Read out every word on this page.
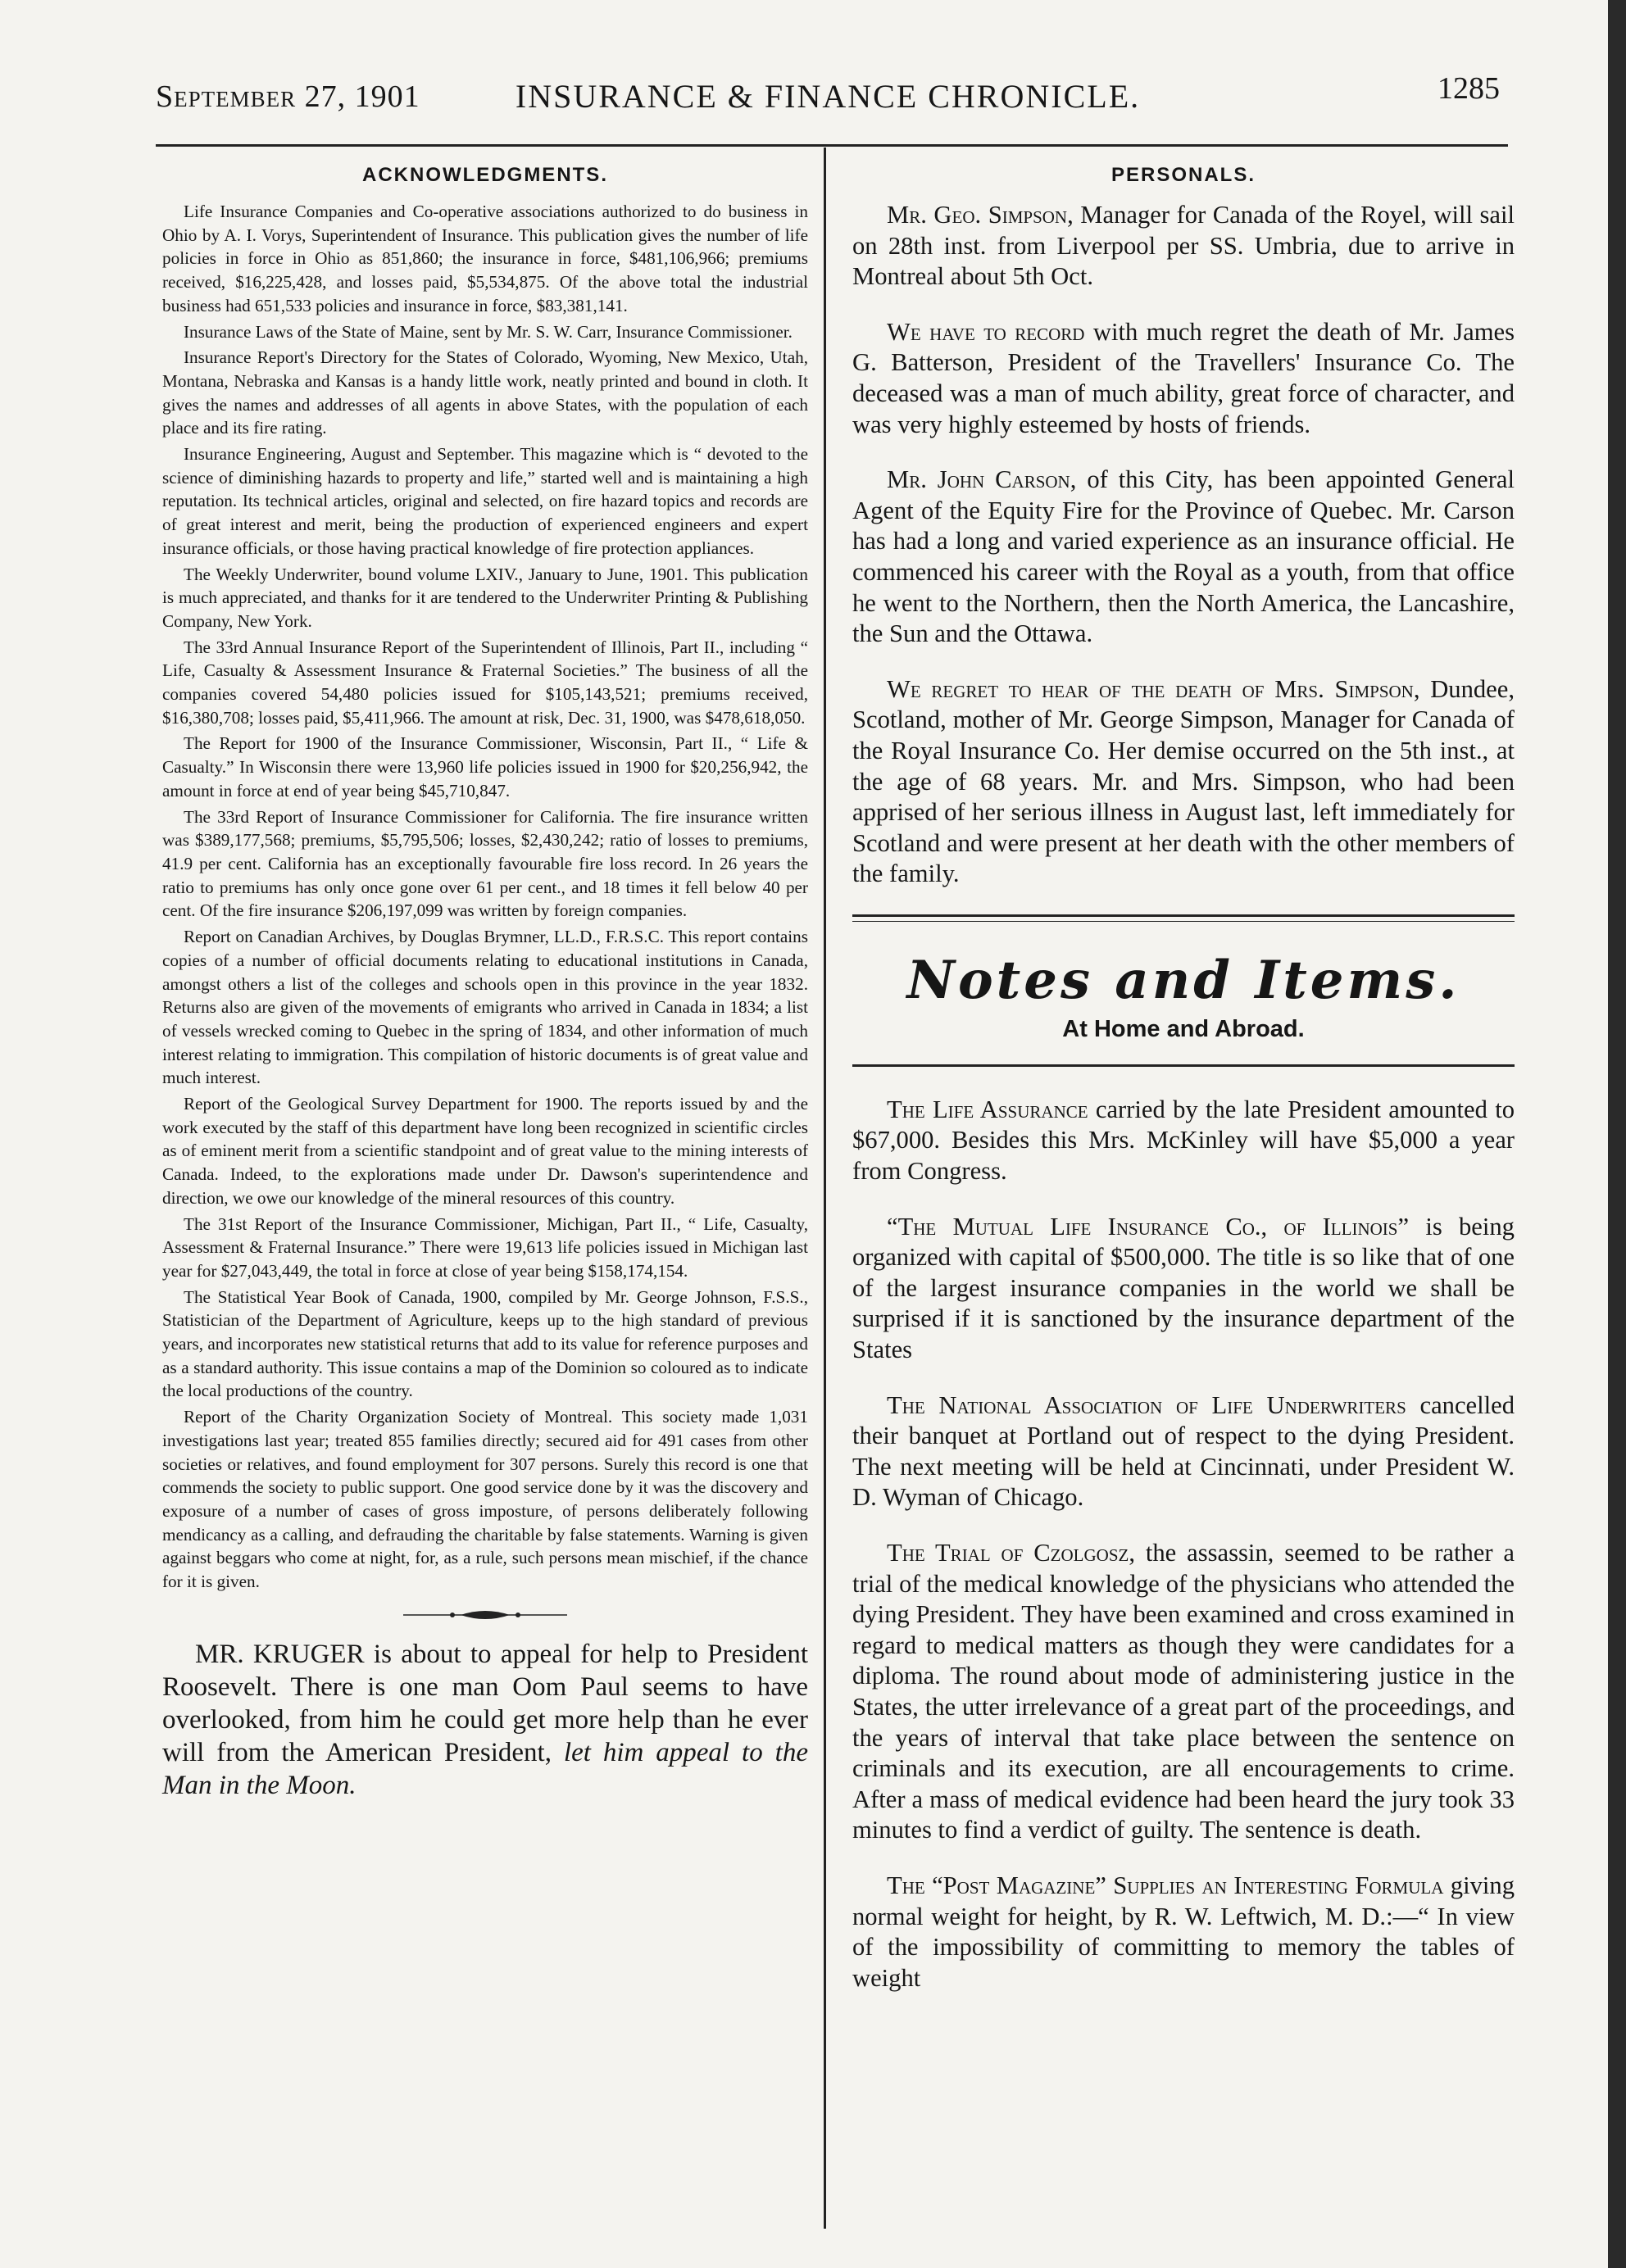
September 27, 1901	INSURANCE & FINANCE CHRONICLE.	1285
ACKNOWLEDGMENTS.

Life Insurance Companies and Co-operative associations authorized to do business in Ohio by A. I. Vorys, Superintendent of Insurance. This publication gives the number of life policies in force in Ohio as 851,860; the insurance in force, $481,106,966; premiums received, $16,225,428, and losses paid, $5,534,875. Of the above total the industrial business had 651,533 policies and insurance in force, $83,381,141.

Insurance Laws of the State of Maine, sent by Mr. S. W. Carr, Insurance Commissioner.

Insurance Report's Directory for the States of Colorado, Wyoming, New Mexico, Utah, Montana, Nebraska and Kansas is a handy little work, neatly printed and bound in cloth. It gives the names and addresses of all agents in above States, with the population of each place and its fire rating.

Insurance Engineering, August and September. This magazine which is “ devoted to the science of diminishing hazards to property and life,” started well and is maintaining a high reputation. Its technical articles, original and selected, on fire hazard topics and records are of great interest and merit, being the production of experienced engineers and expert insurance officials, or those having practical knowledge of fire protection appliances.

The Weekly Underwriter, bound volume LXIV., January to June, 1901. This publication is much appreciated, and thanks for it are tendered to the Underwriter Printing & Publishing Company, New York.

The 33rd Annual Insurance Report of the Superintendent of Illinois, Part II., including “ Life, Casualty & Assessment Insurance & Fraternal Societies.” The business of all the companies covered 54,480 policies issued for $105,143,521; premiums received, $16,380,708; losses paid, $5,411,966. The amount at risk, Dec. 31, 1900, was $478,618,050.

The Report for 1900 of the Insurance Commissioner, Wisconsin, Part II., “ Life & Casualty.” In Wisconsin there were 13,960 life policies issued in 1900 for $20,256,942, the amount in force at end of year being $45,710,847.

The 33rd Report of Insurance Commissioner for California. The fire insurance written was $389,177,568; premiums, $5,795,506; losses, $2,430,242; ratio of losses to premiums, 41.9 per cent. California has an exceptionally favourable fire loss record. In 26 years the ratio to premiums has only once gone over 61 per cent., and 18 times it fell below 40 per cent. Of the fire insurance $206,197,099 was written by foreign companies.

Report on Canadian Archives, by Douglas Brymner, LL.D., F.R.S.C. This report contains copies of a number of official documents relating to educational institutions in Canada, amongst others a list of the colleges and schools open in this province in the year 1832. Returns also are given of the movements of emigrants who arrived in Canada in 1834; a list of vessels wrecked coming to Quebec in the spring of 1834, and other information of much interest relating to immigration. This compilation of historic documents is of great value and much interest.

Report of the Geological Survey Department for 1900. The reports issued by and the work executed by the staff of this department have long been recognized in scientific circles as of eminent merit from a scientific standpoint and of great value to the mining interests of Canada. Indeed, to the explorations made under Dr. Dawson's superintendence and direction, we owe our knowledge of the mineral resources of this country.

The 31st Report of the Insurance Commissioner, Michigan, Part II., “ Life, Casualty, Assessment & Fraternal Insurance.” There were 19,613 life policies issued in Michigan last year for $27,043,449, the total in force at close of year being $158,174,154.

The Statistical Year Book of Canada, 1900, compiled by Mr. George Johnson, F.S.S., Statistician of the Department of Agriculture, keeps up to the high standard of previous years, and incorporates new statistical returns that add to its value for reference purposes and as a standard authority. This issue contains a map of the Dominion so coloured as to indicate the local productions of the country.

Report of the Charity Organization Society of Montreal. This society made 1,031 investigations last year; treated 855 families directly; secured aid for 491 cases from other societies or relatives, and found employment for 307 persons. Surely this record is one that commends the society to public support. One good service done by it was the discovery and exposure of a number of cases of gross imposture, of persons deliberately following mendicancy as a calling, and defrauding the charitable by false statements. Warning is given against beggars who come at night, for, as a rule, such persons mean mischief, if the chance for it is given.

MR. KRUGER is about to appeal for help to President Roosevelt. There is one man Oom Paul seems to have overlooked, from him he could get more help than he ever will from the American President, let him appeal to the Man in the Moon.

PERSONALS.

Mr. Geo. Simpson, Manager for Canada of the Royel, will sail on 28th inst. from Liverpool per SS. Umbria, due to arrive in Montreal about 5th Oct.

We have to record with much regret the death of Mr. James G. Batterson, President of the Travellers' Insurance Co. The deceased was a man of much ability, great force of character, and was very highly esteemed by hosts of friends.

Mr. John Carson, of this City, has been appointed General Agent of the Equity Fire for the Province of Quebec. Mr. Carson has had a long and varied experience as an insurance official. He commenced his career with the Royal as a youth, from that office he went to the Northern, then the North America, the Lancashire, the Sun and the Ottawa.

We regret to hear of the death of Mrs. Simpson, Dundee, Scotland, mother of Mr. George Simpson, Manager for Canada of the Royal Insurance Co. Her demise occurred on the 5th inst., at the age of 68 years. Mr. and Mrs. Simpson, who had been apprised of her serious illness in August last, left immediately for Scotland and were present at her death with the other members of the family.

Notes and Items.
At Home and Abroad.

The Life Assurance carried by the late President amounted to $67,000. Besides this Mrs. McKinley will have $5,000 a year from Congress.

“The Mutual Life Insurance Co., of Illinois” is being organized with capital of $500,000. The title is so like that of one of the largest insurance companies in the world we shall be surprised if it is sanctioned by the insurance department of the States

The National Association of Life Underwriters cancelled their banquet at Portland out of respect to the dying President. The next meeting will be held at Cincinnati, under President W. D. Wyman of Chicago.

The Trial of Czolgosz, the assassin, seemed to be rather a trial of the medical knowledge of the physicians who attended the dying President. They have been examined and cross examined in regard to medical matters as though they were candidates for a diploma. The round about mode of administering justice in the States, the utter irrelevance of a great part of the proceedings, and the years of interval that take place between the sentence on criminals and its execution, are all encouragements to crime. After a mass of medical evidence had been heard the jury took 33 minutes to find a verdict of guilty. The sentence is death.

The “Post Magazine” Supplies an Interesting Formula giving normal weight for height, by R. W. Leftwich, M. D.:—“ In view of the impossibility of committing to memory the tables of weight
